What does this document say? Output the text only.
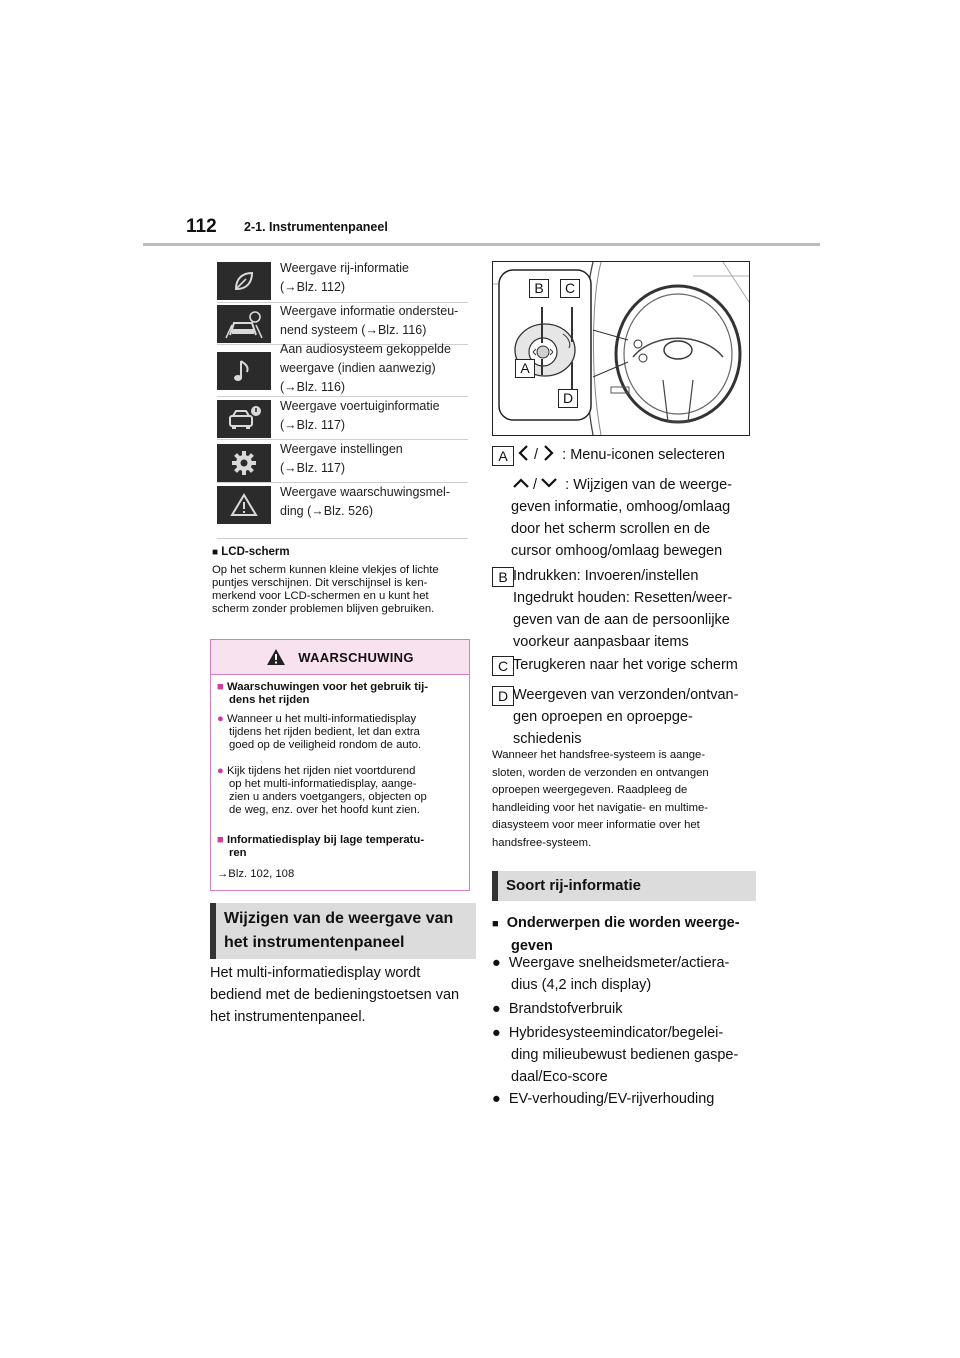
112 2-1. Instrumentenpaneel
Weergave rij-informatie
(→Blz. 112)
Weergave informatie ondersteu-
nend systeem (→Blz. 116)
Aan audiosysteem gekoppelde
weergave (indien aanwezig)
(→Blz. 116)
Weergave voertuiginformatie
(→Blz. 117)
Weergave instellingen
(→Blz. 117)
Weergave waarschuwingsmel-
ding (→Blz. 526)
■ LCD-scherm
Op het scherm kunnen kleine vlekjes of lichte
puntjes verschijnen. Dit verschijnsel is ken-
merkend voor LCD-schermen en u kunt het
scherm zonder problemen blijven gebruiken.
WAARSCHUWING
■ Waarschuwingen voor het gebruik tij-
dens het rijden
● Wanneer u het multi-informatiedisplay
tijdens het rijden bedient, let dan extra
goed op de veiligheid rondom de auto.
● Kijk tijdens het rijden niet voortdurend
op het multi-informatiedisplay, aange-
zien u anders voetgangers, objecten op
de weg, enz. over het hoofd kunt zien.
■ Informatiedisplay bij lage temperatu-
ren
→Blz. 102, 108
Wijzigen van de weergave van
het instrumentenpaneel
Het multi-informatiedisplay wordt
bediend met de bedieningstoetsen van
het instrumentenpaneel.
B	C
A
D
A	/ : Menu-iconen selecteren
/ : Wijzigen van de weerge-
geven informatie, omhoog/omlaag
door het scherm scrollen en de
cursor omhoog/omlaag bewegen
B Indrukken: Invoeren/instellen
Ingedrukt houden: Resetten/weer-
geven van de aan de persoonlijke
voorkeur aanpasbaar items
C Terugkeren naar het vorige scherm
D Weergeven van verzonden/ontvan-
gen oproepen en oproepge-
schiedenis
Wanneer het handsfree-systeem is aange-
sloten, worden de verzonden en ontvangen
oproepen weergegeven. Raadpleeg de
handleiding voor het navigatie- en multime-
diasysteem voor meer informatie over het
handsfree-systeem.
Soort rij-informatie
■ Onderwerpen die worden weerge-
geven
● Weergave snelheidsmeter/actiera-
dius (4,2 inch display)
● Brandstofverbruik
● Hybridesysteemindicator/begelei-
ding milieubewust bedienen gaspe-
daal/Eco-score
● EV-verhouding/EV-rijverhouding
